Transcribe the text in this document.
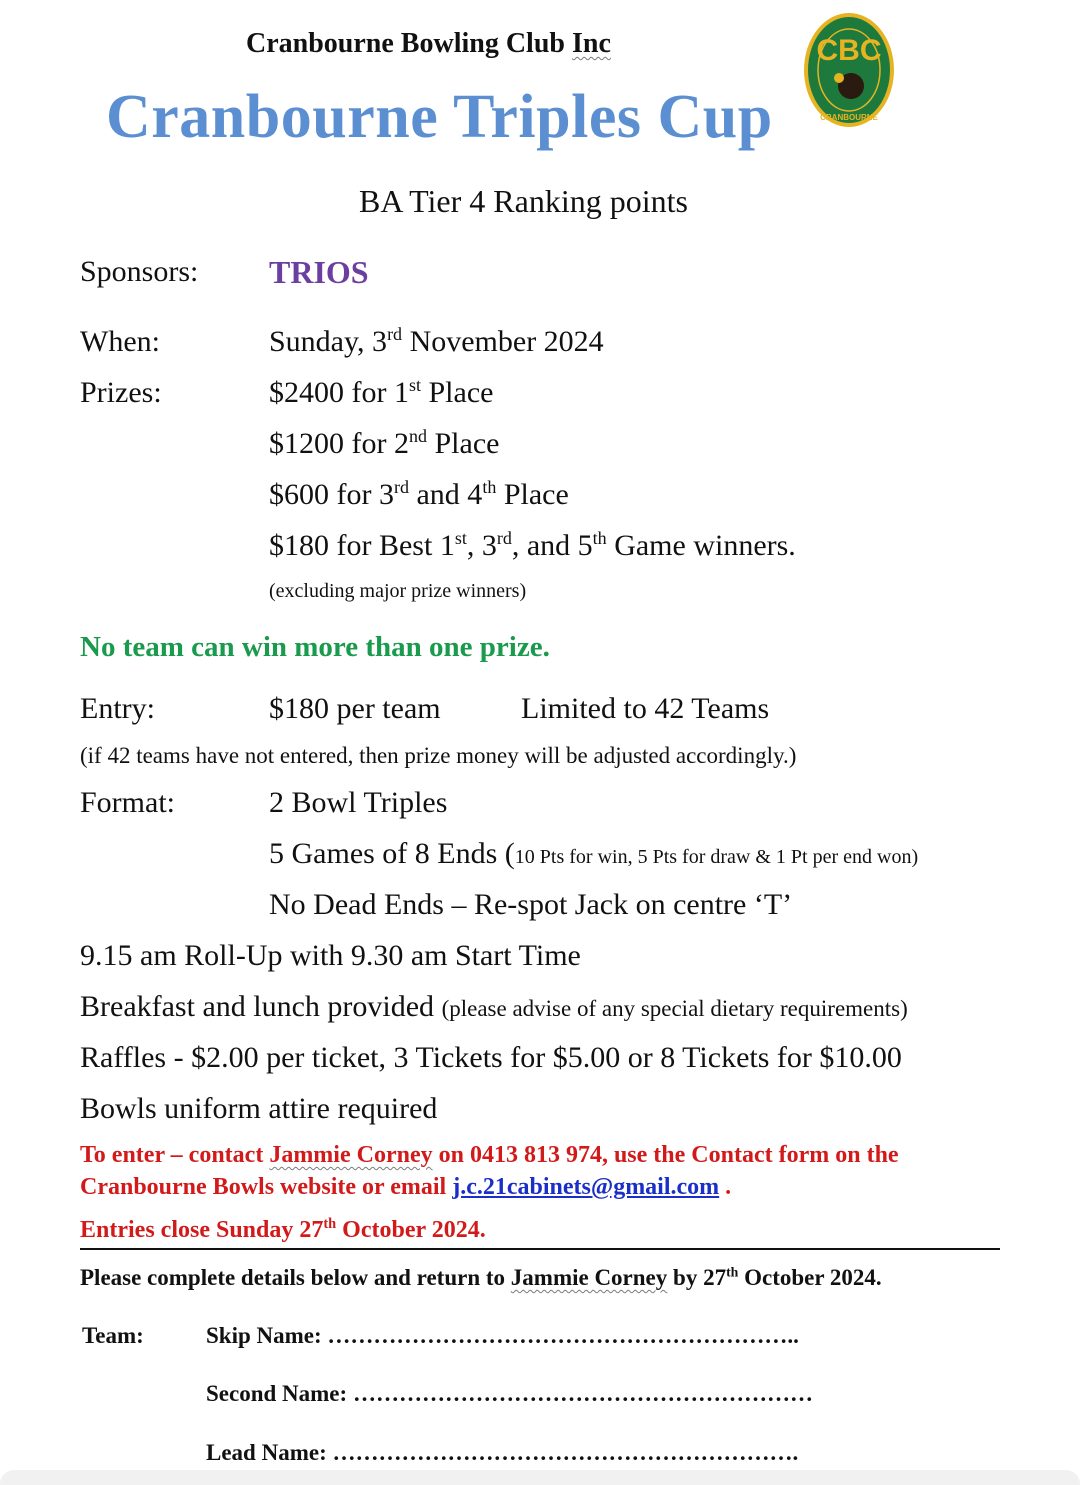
Cranbourne Bowling Club Inc
Cranbourne Triples Cup
BA Tier 4 Ranking points
CBC
CRANBOURNE
Sponsors: TRIOS
When:	Sunday, 3rd November 2024
Prizes:	$2400 for 1st Place
$1200 for 2nd Place
$600 for 3rd and 4th Place
$180 for Best 1st, 3rd, and 5th Game winners.
(excluding major prize winners)
No team can win more than one prize.
Entry:	$180 per team	Limited to 42 Teams
(if 42 teams have not entered, then prize money will be adjusted accordingly.)
Format:	2 Bowl Triples
5 Games of 8 Ends (10 Pts for win, 5 Pts for draw & 1 Pt per end won)
No Dead Ends – Re-spot Jack on centre ‘T’
9.15 am Roll-Up with 9.30 am Start Time
Breakfast and lunch provided (please advise of any special dietary requirements)
Raffles - $2.00 per ticket, 3 Tickets for $5.00 or 8 Tickets for $10.00
Bowls uniform attire required
To enter – contact Jammie Corney on 0413 813 974, use the Contact form on the
Cranbourne Bowls website or email j.c.21cabinets@gmail.com .
Entries close Sunday 27th October 2024.
Please complete details below and return to Jammie Corney by 27th October 2024.
Team:	Skip Name: ……………………………………………………..
Second Name: ……………………………………………………
Lead Name: …………………………………………………….
